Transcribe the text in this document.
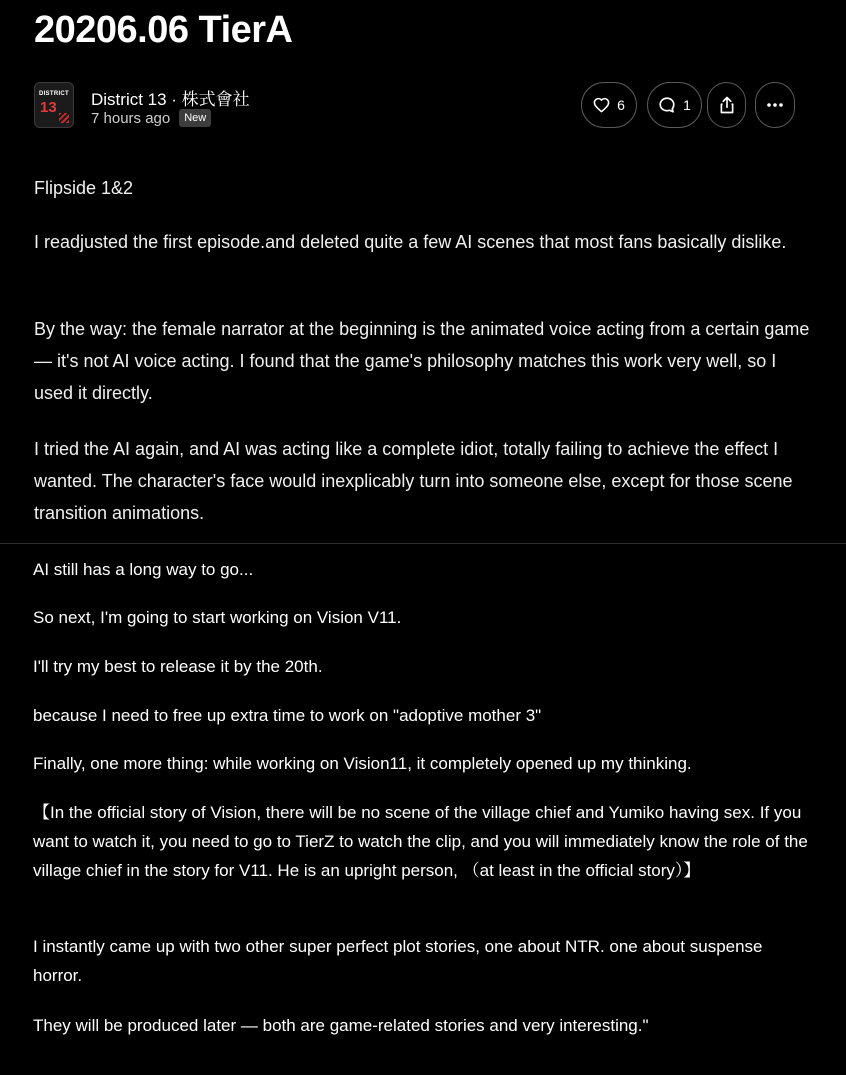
20206.06 TierA
DISTRICT
13 District 13 · 株式會社
7 hours ago	New
6	1

Flipside 1&2

I readjusted the first episode.and deleted quite a few AI scenes that most fans basically dislike.

By the way: the female narrator at the beginning is the animated voice acting from a certain game — it's not AI voice acting. I found that the game's philosophy matches this work very well, so I used it directly.

I tried the AI again, and AI was acting like a complete idiot, totally failing to achieve the effect I wanted. The character's face would inexplicably turn into someone else, except for those scene transition animations.

AI still has a long way to go...

So next, I'm going to start working on Vision V11.

I'll try my best to release it by the 20th.

because I need to free up extra time to work on "adoptive mother 3"

Finally, one more thing: while working on Vision11, it completely opened up my thinking.

【In the official story of Vision, there will be no scene of the village chief and Yumiko having sex. If you want to watch it, you need to go to TierZ to watch the clip, and you will immediately know the role of the village chief in the story for V11. He is an upright person, （at least in the official story）】

I instantly came up with two other super perfect plot stories, one about NTR. one about suspense horror.

They will be produced later — both are game-related stories and very interesting."
